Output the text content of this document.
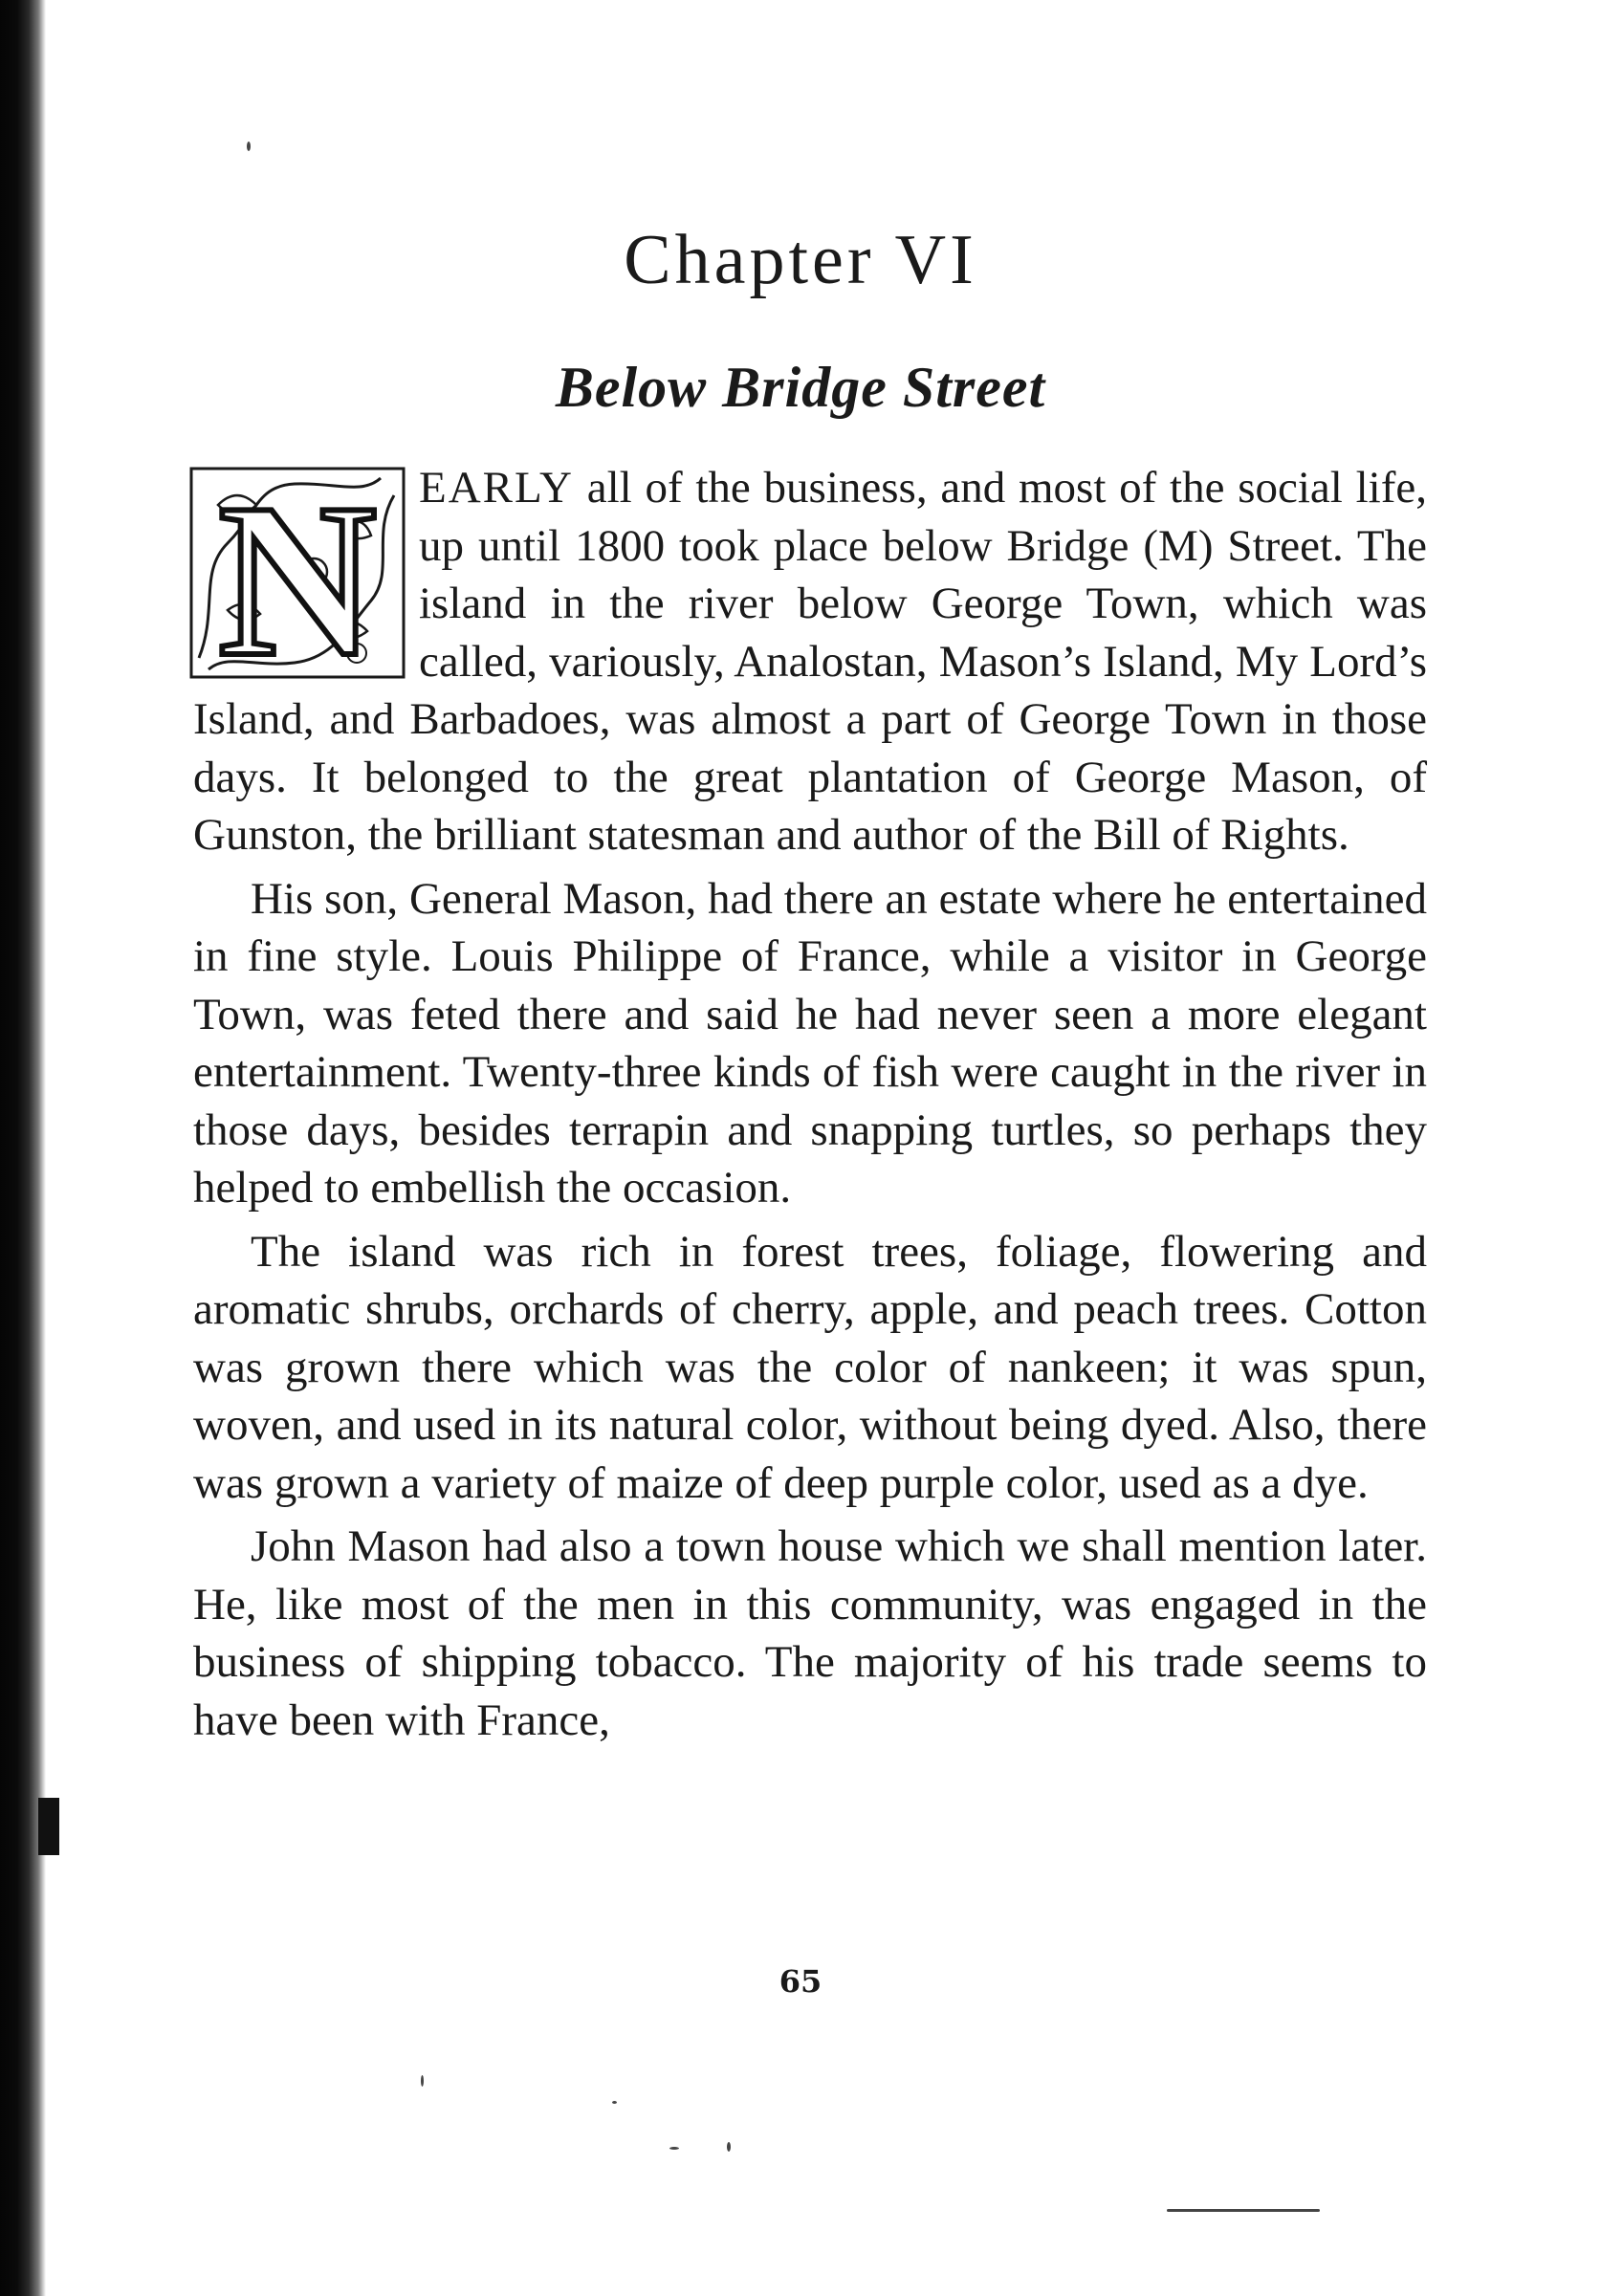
Chapter VI
Below Bridge Street

N EARLY all of the business, and most of the social life, up until 1800 took place below Bridge (M) Street. The island in the river below George Town, which was called, variously, Analostan, Mason’s Island, My Lord’s Island, and Barbadoes, was almost a part of George Town in those days. It belonged to the great plantation of George Mason, of Gunston, the brilliant statesman and author of the Bill of Rights.

His son, General Mason, had there an estate where he entertained in fine style. Louis Philippe of France, while a visitor in George Town, was feted there and said he had never seen a more elegant entertainment. Twenty-three kinds of fish were caught in the river in those days, besides terrapin and snapping turtles, so perhaps they helped to embellish the occasion.

The island was rich in forest trees, foliage, flowering and aromatic shrubs, orchards of cherry, apple, and peach trees. Cotton was grown there which was the color of nankeen; it was spun, woven, and used in its natural color, without being dyed. Also, there was grown a variety of maize of deep purple color, used as a dye.

John Mason had also a town house which we shall mention later. He, like most of the men in this community, was engaged in the business of shipping tobacco. The majority of his trade seems to have been with France,

65
